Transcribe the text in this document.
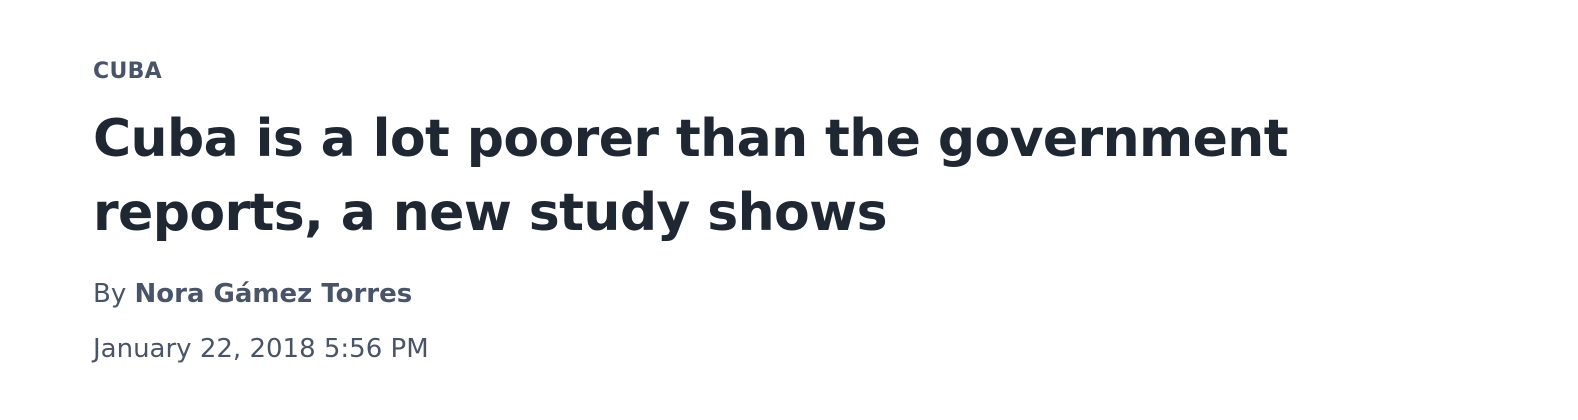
CUBA
Cuba is a lot poorer than the government reports, a new study shows
By Nora Gámez Torres
January 22, 2018 5:56 PM
